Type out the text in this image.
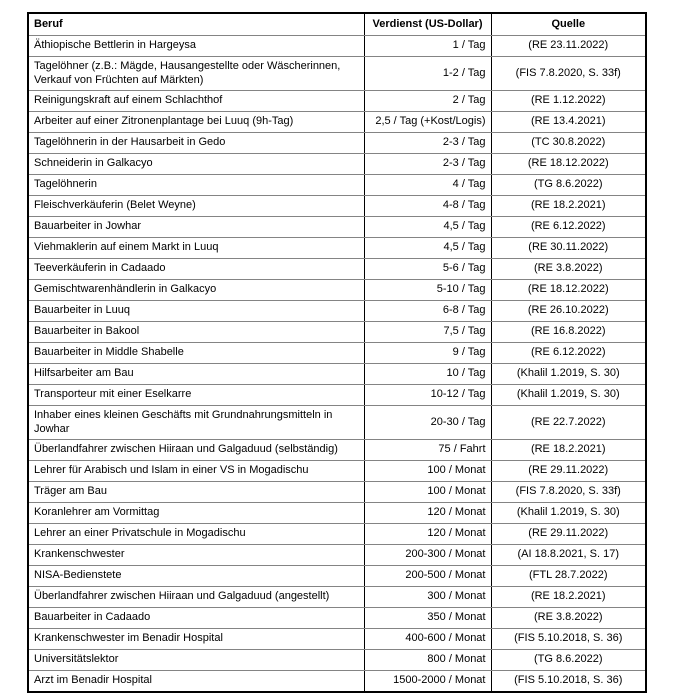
Beruf	Verdienst (US-Dollar)	Quelle
Äthiopische Bettlerin in Hargeysa	1 / Tag	(RE 23.11.2022)
Tagelöhner (z.B.: Mägde, Hausangestellte oder Wäscherinnen, Verkauf von Früchten auf Märkten)	1-2 / Tag	(FIS 7.8.2020, S. 33f)
Reinigungskraft auf einem Schlachthof	2 / Tag	(RE 1.12.2022)
Arbeiter auf einer Zitronenplantage bei Luuq (9h-Tag)	2,5 / Tag (+Kost/Logis)	(RE 13.4.2021)
Tagelöhnerin in der Hausarbeit in Gedo	2-3 / Tag	(TC 30.8.2022)
Schneiderin in Galkacyo	2-3 / Tag	(RE 18.12.2022)
Tagelöhnerin	4 / Tag	(TG 8.6.2022)
Fleischverkäuferin (Belet Weyne)	4-8 / Tag	(RE 18.2.2021)
Bauarbeiter in Jowhar	4,5 / Tag	(RE 6.12.2022)
Viehmaklerin auf einem Markt in Luuq	4,5 / Tag	(RE 30.11.2022)
Teeverkäuferin in Cadaado	5-6 / Tag	(RE 3.8.2022)
Gemischtwarenhändlerin in Galkacyo	5-10 / Tag	(RE 18.12.2022)
Bauarbeiter in Luuq	6-8 / Tag	(RE 26.10.2022)
Bauarbeiter in Bakool	7,5 / Tag	(RE 16.8.2022)
Bauarbeiter in Middle Shabelle	9 / Tag	(RE 6.12.2022)
Hilfsarbeiter am Bau	10 / Tag	(Khalil 1.2019, S. 30)
Transporteur mit einer Eselkarre	10-12 / Tag	(Khalil 1.2019, S. 30)
Inhaber eines kleinen Geschäfts mit Grundnahrungsmitteln in Jowhar	20-30 / Tag	(RE 22.7.2022)
Überlandfahrer zwischen Hiiraan und Galgaduud (selbständig)	75 / Fahrt	(RE 18.2.2021)
Lehrer für Arabisch und Islam in einer VS in Mogadischu	100 / Monat	(RE 29.11.2022)
Träger am Bau	100 / Monat	(FIS 7.8.2020, S. 33f)
Koranlehrer am Vormittag	120 / Monat	(Khalil 1.2019, S. 30)
Lehrer an einer Privatschule in Mogadischu	120 / Monat	(RE 29.11.2022)
Krankenschwester	200-300 / Monat	(AI 18.8.2021, S. 17)
NISA-Bedienstete	200-500 / Monat	(FTL 28.7.2022)
Überlandfahrer zwischen Hiiraan und Galgaduud (angestellt)	300 / Monat	(RE 18.2.2021)
Bauarbeiter in Cadaado	350 / Monat	(RE 3.8.2022)
Krankenschwester im Benadir Hospital	400-600 / Monat	(FIS 5.10.2018, S. 36)
Universitätslektor	800 / Monat	(TG 8.6.2022)
Arzt im Benadir Hospital	1500-2000 / Monat	(FIS 5.10.2018, S. 36)
